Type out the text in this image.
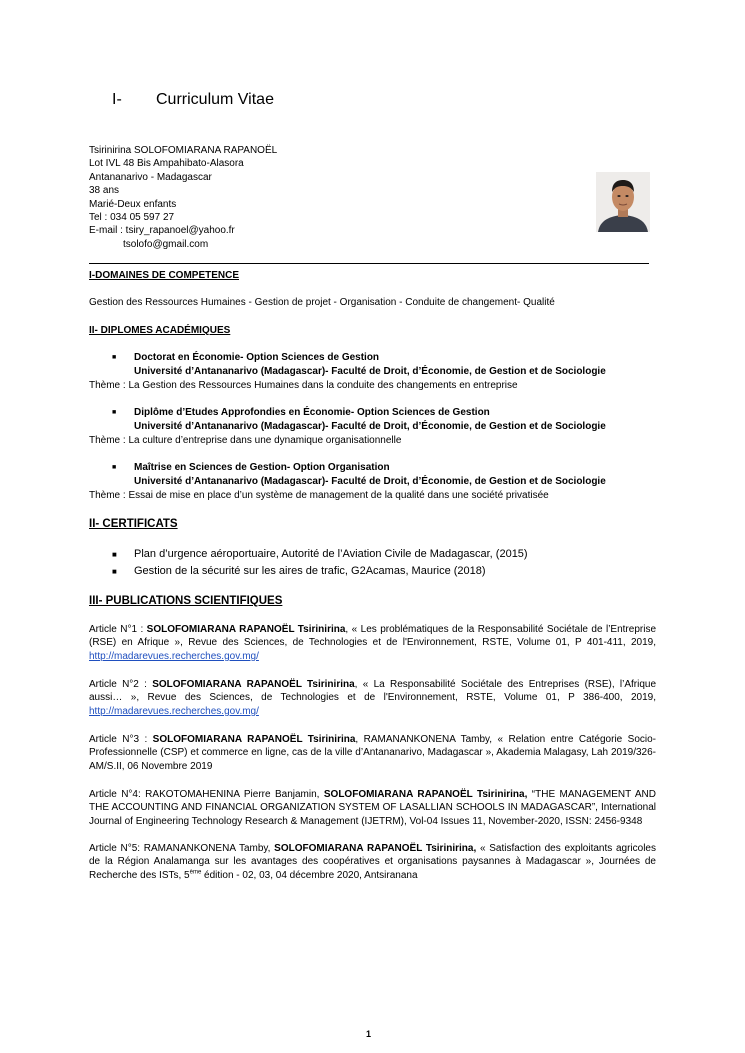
I- Curriculum Vitae
Tsirinirina SOLOFOMIARANA RAPANOËL
Lot IVL 48 Bis Ampahibato-Alasora
Antananarivo - Madagascar
38 ans
Marié-Deux enfants
Tel : 034 05 597 27
E-mail : tsiry_rapanoel@yahoo.fr
tsolofo@gmail.com
I-DOMAINES DE COMPETENCE
Gestion des Ressources Humaines - Gestion de projet - Organisation - Conduite de changement- Qualité
II- DIPLOMES ACADÉMIQUES
■	Doctorat en Économie- Option Sciences de Gestion
Université d’Antananarivo (Madagascar)- Faculté de Droit, d’Économie, de Gestion et de Sociologie
Thème : La Gestion des Ressources Humaines dans la conduite des changements en entreprise
■	Diplôme d’Etudes Approfondies en Économie- Option Sciences de Gestion
Université d’Antananarivo (Madagascar)- Faculté de Droit, d’Économie, de Gestion et de Sociologie
Thème : La culture d’entreprise dans une dynamique organisationnelle
■	Maîtrise en Sciences de Gestion- Option Organisation
Université d’Antananarivo (Madagascar)- Faculté de Droit, d’Économie, de Gestion et de Sociologie
Thème : Essai de mise en place d’un système de management de la qualité dans une société privatisée
II- CERTIFICATS
■ Plan d’urgence aéroportuaire, Autorité de l’Aviation Civile de Madagascar, (2015)
■ Gestion de la sécurité sur les aires de trafic, G2Acamas, Maurice (2018)
III- PUBLICATIONS SCIENTIFIQUES
Article N°1 : SOLOFOMIARANA RAPANOËL Tsirinirina, « Les problématiques de la Responsabilité Sociétale de l’Entreprise (RSE) en Afrique », Revue des Sciences, de Technologies et de l'Environnement, RSTE, Volume 01, P 401-411, 2019, http://madarevues.recherches.gov.mg/
Article N°2 : SOLOFOMIARANA RAPANOËL Tsirinirina, « La Responsabilité Sociétale des Entreprises (RSE), l’Afrique aussi… », Revue des Sciences, de Technologies et de l'Environnement, RSTE, Volume 01, P 386-400, 2019, http://madarevues.recherches.gov.mg/
Article N°3 : SOLOFOMIARANA RAPANOËL Tsirinirina, RAMANANKONENA Tamby, « Relation entre Catégorie Socio-Professionnelle (CSP) et commerce en ligne, cas de la ville d’Antananarivo, Madagascar », Akademia Malagasy, Lah 2019/326-AM/S.II, 06 Novembre 2019
Article N°4: RAKOTOMAHENINA Pierre Banjamin, SOLOFOMIARANA RAPANOËL Tsirinirina, “THE MANAGEMENT AND THE ACCOUNTING AND FINANCIAL ORGANIZATION SYSTEM OF LASALLIAN SCHOOLS IN MADAGASCAR”, International Journal of Engineering Technology Research & Management (IJETRM), Vol-04 Issues 11, November-2020, ISSN: 2456-9348
Article N°5: RAMANANKONENA Tamby, SOLOFOMIARANA RAPANOËL Tsirinirina, « Satisfaction des exploitants agricoles de la Région Analamanga sur les avantages des coopératives et organisations paysannes à Madagascar », Journées de Recherche des ISTs, 5ème édition - 02, 03, 04 décembre 2020, Antsiranana
1
